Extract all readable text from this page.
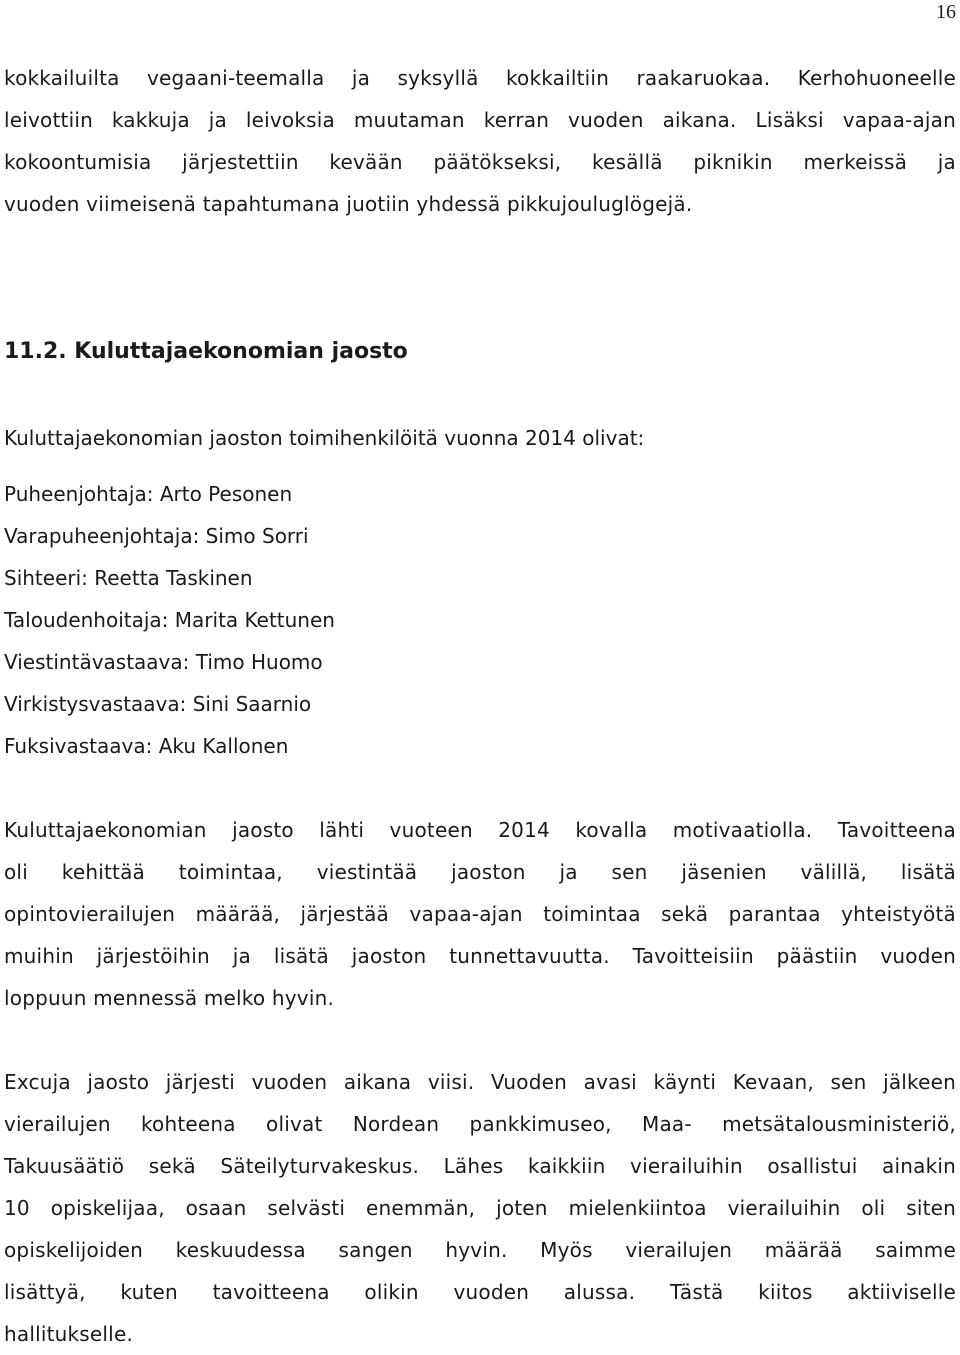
16

kokkailuilta vegaani-teemalla ja syksyllä kokkailtiin raakaruokaa. Kerhohuoneelle
leivottiin kakkuja ja leivoksia muutaman kerran vuoden aikana. Lisäksi vapaa-ajan
kokoontumisia järjestettiin kevään päätökseksi, kesällä piknikin merkeissä ja
vuoden viimeisenä tapahtumana juotiin yhdessä pikkujouluglögejä.

11.2. Kuluttajaekonomian jaosto

Kuluttajaekonomian jaoston toimihenkilöitä vuonna 2014 olivat:

Puheenjohtaja: Arto Pesonen
Varapuheenjohtaja: Simo Sorri
Sihteeri: Reetta Taskinen
Taloudenhoitaja: Marita Kettunen
Viestintävastaava: Timo Huomo
Virkistysvastaava: Sini Saarnio
Fuksivastaava: Aku Kallonen

Kuluttajaekonomian jaosto lähti vuoteen 2014 kovalla motivaatiolla. Tavoitteena
oli kehittää toimintaa, viestintää jaoston ja sen jäsenien välillä, lisätä
opintovierailujen määrää, järjestää vapaa-ajan toimintaa sekä parantaa yhteistyötä
muihin järjestöihin ja lisätä jaoston tunnettavuutta. Tavoitteisiin päästiin vuoden
loppuun mennessä melko hyvin.

Excuja jaosto järjesti vuoden aikana viisi. Vuoden avasi käynti Kevaan, sen jälkeen
vierailujen kohteena olivat Nordean pankkimuseo, Maa- metsätalousministeriö,
Takuusäätiö sekä Säteilyturvakeskus. Lähes kaikkiin vierailuihin osallistui ainakin
10 opiskelijaa, osaan selvästi enemmän, joten mielenkiintoa vierailuihin oli siten
opiskelijoiden keskuudessa sangen hyvin. Myös vierailujen määrää saimme
lisättyä, kuten tavoitteena olikin vuoden alussa. Tästä kiitos aktiiviselle
hallitukselle.
